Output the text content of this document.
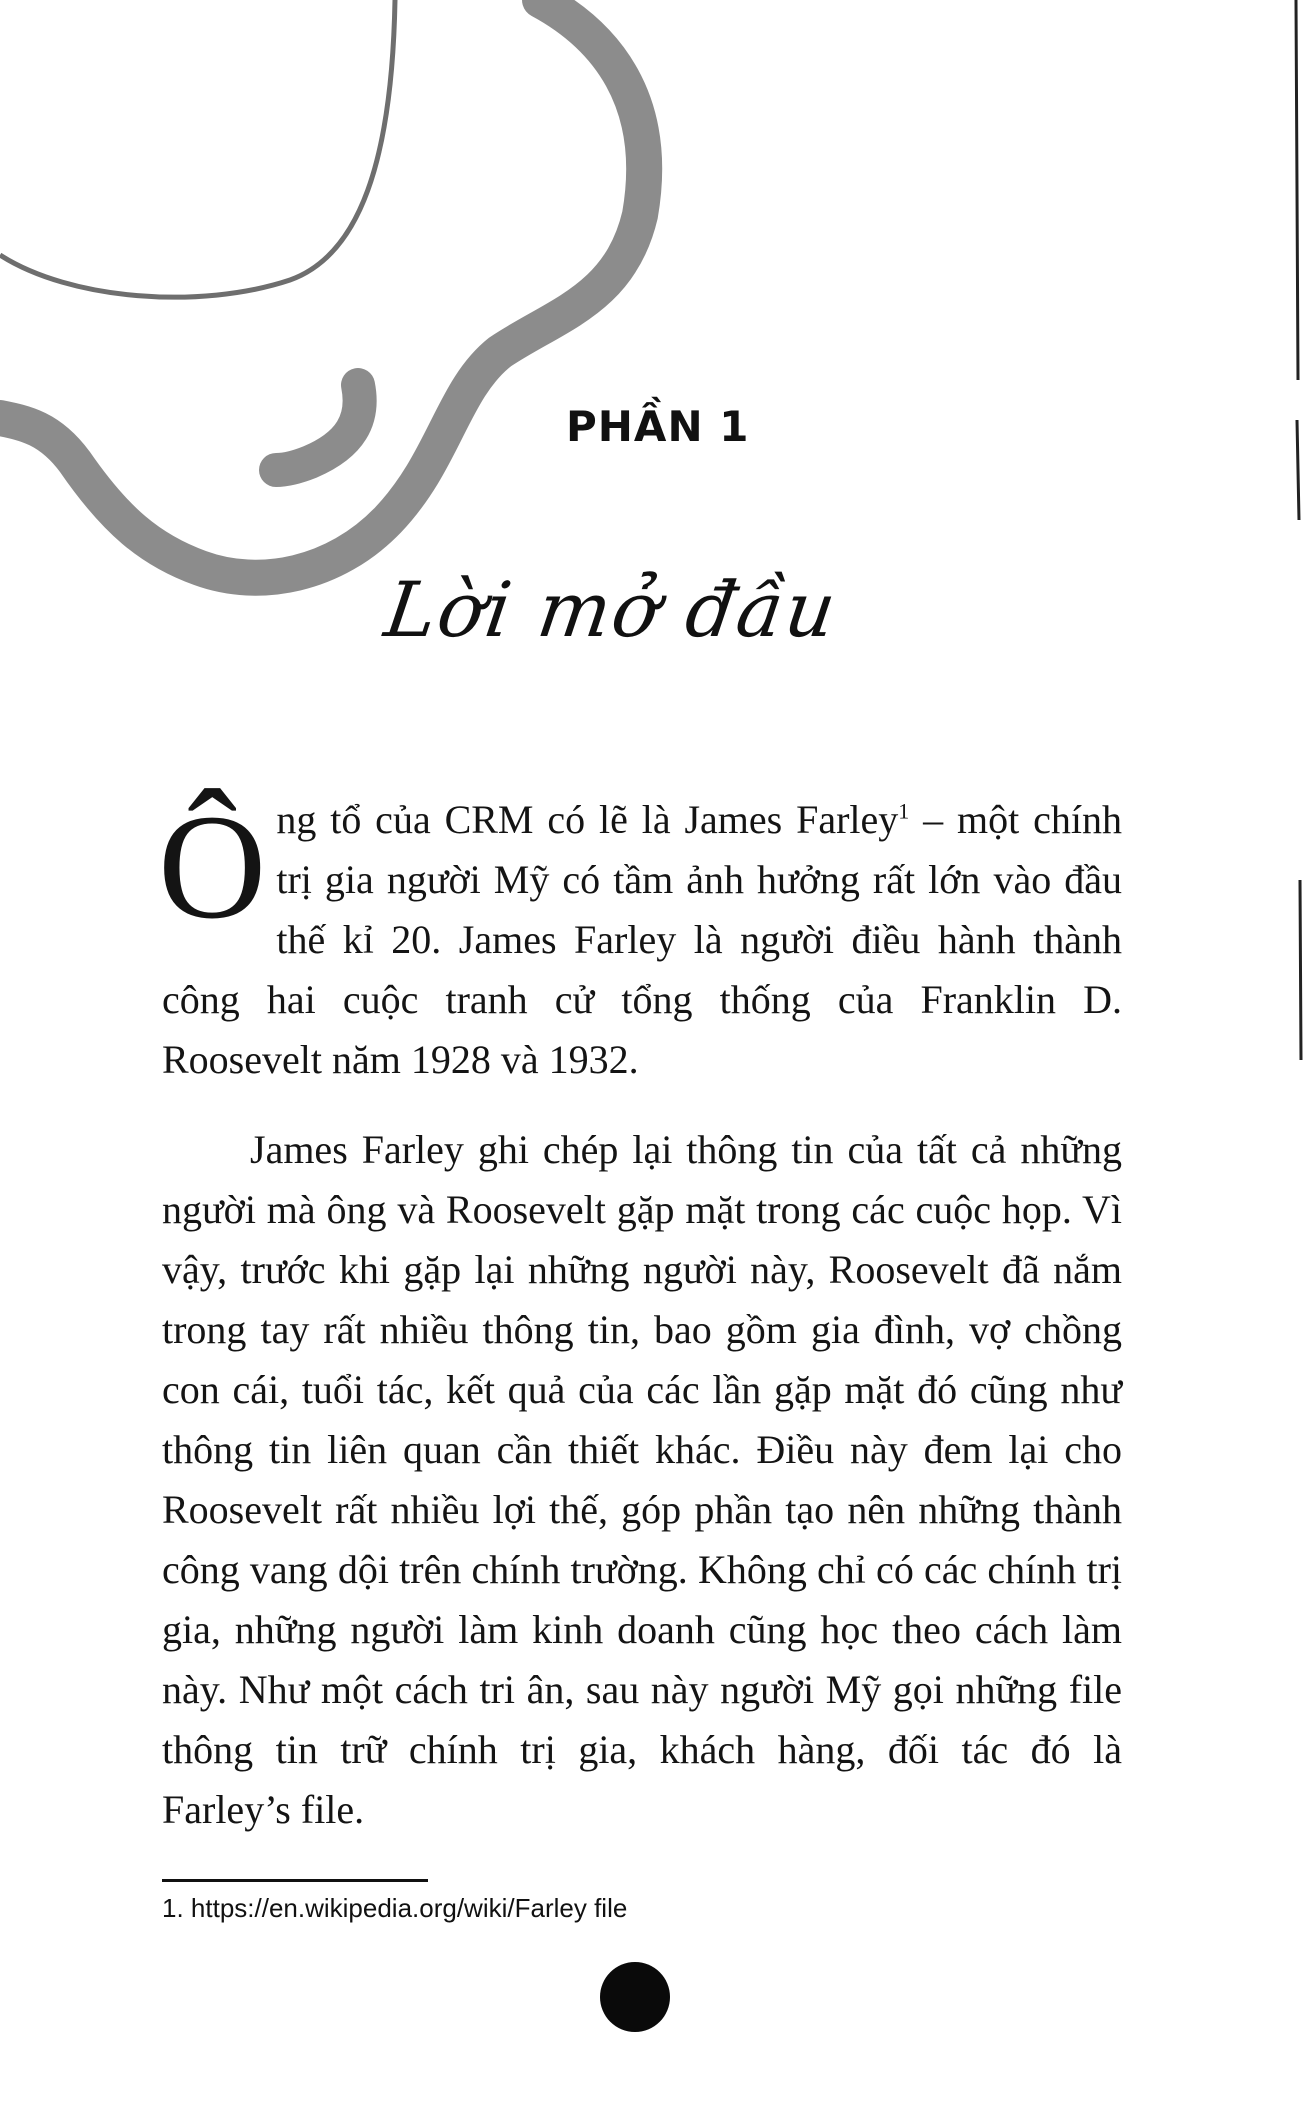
PHẦN 1
Lời mở đầu

Ông tổ của CRM có lẽ là James Farley$^1$ – một chính trị gia người Mỹ có tầm ảnh hưởng rất lớn vào đầu thế kỉ 20. James Farley là người điều hành thành công hai cuộc tranh cử tổng thống của Franklin D. Roosevelt năm 1928 và 1932.

James Farley ghi chép lại thông tin của tất cả những người mà ông và Roosevelt gặp mặt trong các cuộc họp. Vì vậy, trước khi gặp lại những người này, Roosevelt đã nắm trong tay rất nhiều thông tin, bao gồm gia đình, vợ chồng con cái, tuổi tác, kết quả của các lần gặp mặt đó cũng như thông tin liên quan cần thiết khác. Điều này đem lại cho Roosevelt rất nhiều lợi thế, góp phần tạo nên những thành công vang dội trên chính trường. Không chỉ có các chính trị gia, những người làm kinh doanh cũng học theo cách làm này. Như một cách tri ân, sau này người Mỹ gọi những file thông tin trữ chính trị gia, khách hàng, đối tác đó là Farley’s file.

1. https://en.wikipedia.org/wiki/Farley file
